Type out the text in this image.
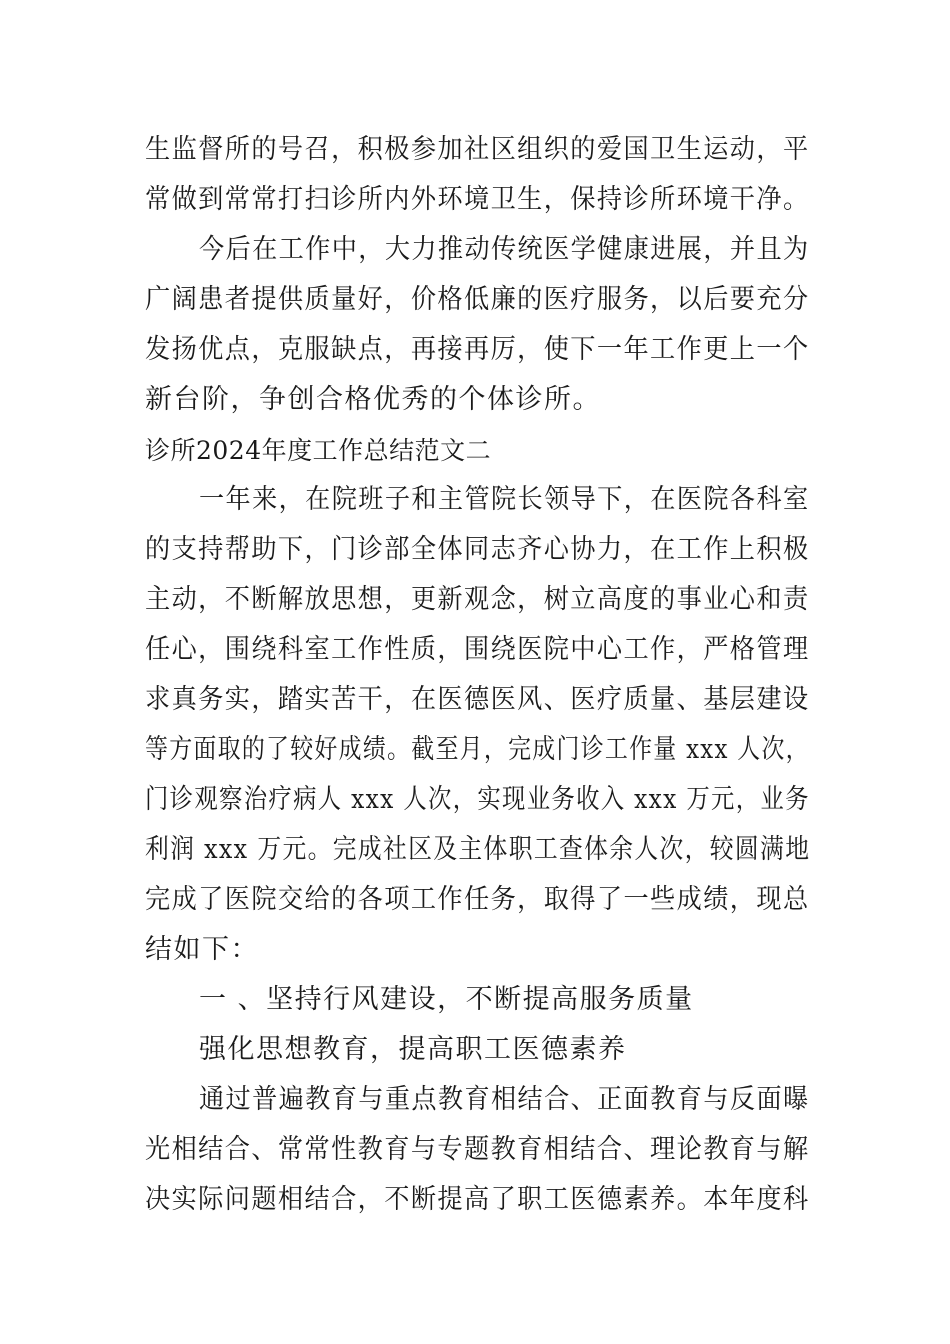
生监督所的号召，积极参加社区组织的爱国卫生运动，平
常做到常常打扫诊所内外环境卫生，保持诊所环境干净。
今后在工作中，大力推动传统医学健康进展，并且为
广阔患者提供质量好，价格低廉的医疗服务，以后要充分
发扬优点，克服缺点，再接再厉，使下一年工作更上一个
新台阶，争创合格优秀的个体诊所。
诊所2024年度工作总结范文二
一年来，在院班子和主管院长领导下，在医院各科室
的支持帮助下，门诊部全体同志齐心协力，在工作上积极
主动，不断解放思想，更新观念，树立高度的事业心和责
任心，围绕科室工作性质，围绕医院中心工作，严格管理
求真务实，踏实苦干，在医德医风、医疗质量、基层建设
等方面取的了较好成绩。截至月，完成门诊工作量 xxx 人次，
门诊观察治疗病人 xxx 人次，实现业务收入 xxx 万元，业务
利润 xxx 万元。完成社区及主体职工查体余人次，较圆满地
完成了医院交给的各项工作任务，取得了一些成绩，现总
结如下：
一 、坚持行风建设，不断提高服务质量
强化思想教育，提高职工医德素养
通过普遍教育与重点教育相结合、正面教育与反面曝
光相结合、常常性教育与专题教育相结合、理论教育与解
决实际问题相结合，不断提高了职工医德素养。本年度科
